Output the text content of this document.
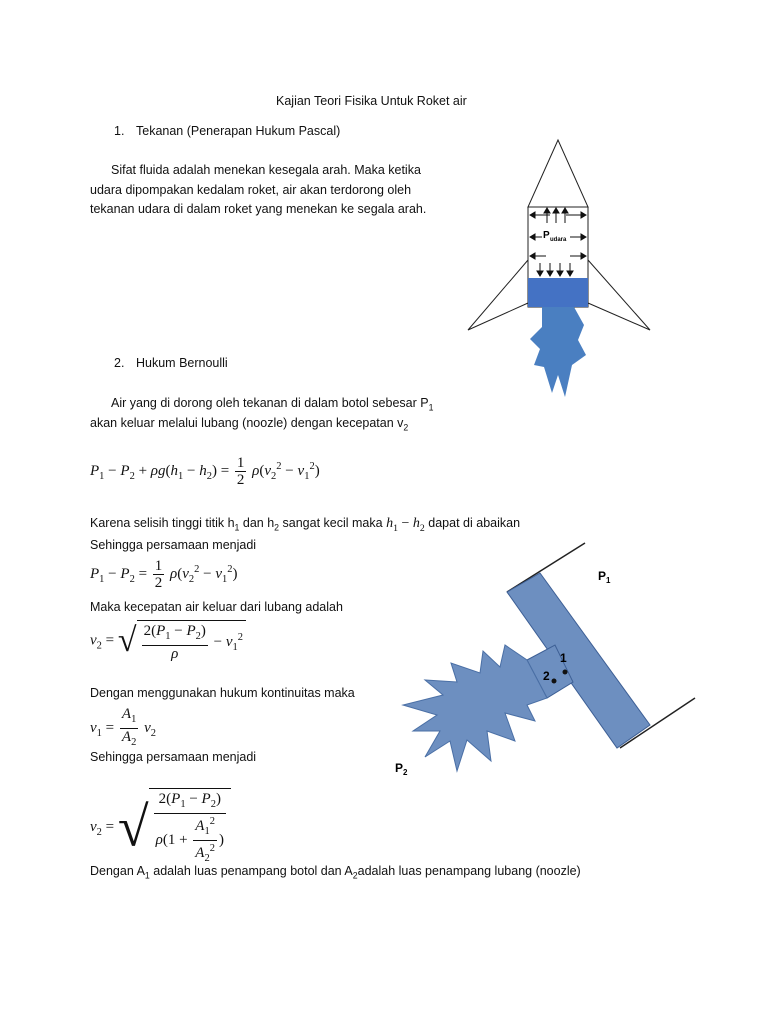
Kajian Teori Fisika Untuk Roket air
1. Tekanan (Penerapan Hukum Pascal)
Sifat fluida adalah menekan kesegala arah. Maka ketika
udara dipompakan kedalam roket, air akan terdorong oleh
tekanan udara di dalam roket yang menekan ke segala arah.
P udara
2. Hukum Bernoulli
Air yang di dorong oleh tekanan di dalam botol sebesar $P_1$
akan keluar melalui lubang (noozle) dengan kecepatan $v_2$
$P_1 - P_2 + \rho g(h_1 - h_2) = \frac{1}{2} \rho(v_2^2 - v_1^2)$
Karena selisih tinggi titik $h_1$ dan $h_2$ sangat kecil maka $h_1 - h_2$ dapat di abaikan
Sehingga persamaan menjadi
$P_1 - P_2 = \frac{1}{2} \rho(v_2^2 - v_1^2)$
Maka kecepatan air keluar dari lubang adalah
$v_2$ = √ $\frac{2(P_1 - P_2)}{\rho} - v_1^2$
Dengan menggunakan hukum kontinuitas maka
$v_1 = \frac{A_1}{A_2} v_2$
Sehingga persamaan menjadi
$v_2$ = √ $\frac{2(P_1 - P_2)}{\rho(1 + \frac{A_1^2}{A_2^2} )}$
Dengan $A_1$ adalah luas penampang botol dan $A_2adalah$ luas penampang lubang (noozle)
1
2
P 1
P 2
